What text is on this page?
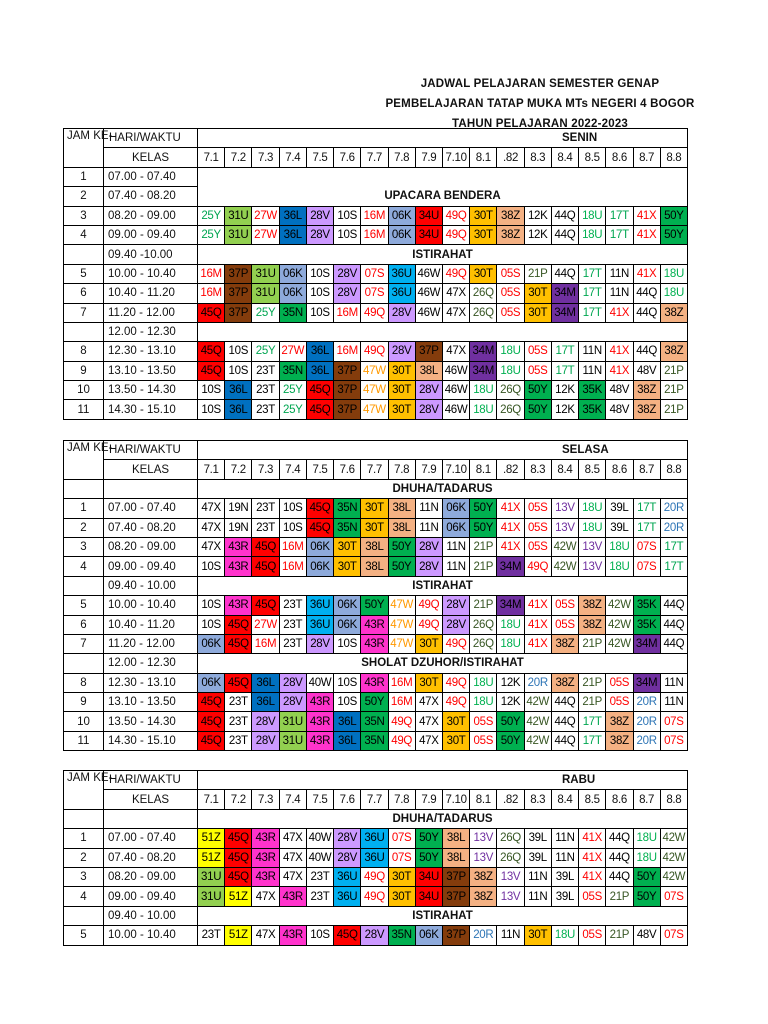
JADWAL PELAJARAN SEMESTER GENAP
PEMBELAJARAN TATAP MUKA MTs NEGERI 4 BOGOR
TAHUN PELAJARAN 2022-2023
JAM KE-	HARI/WAKTU	SENIN																	
	KELAS	7.1	7.2	7.3	7.4	7.5	7.6	7.7	7.8	7.9	7.10	8.1	.82	8.3	8.4	8.5	8.6	8.7	8.8
1	07.00 - 07.40																		
2	07.40 - 08.20	UPACARA BENDERA																	
3	08.20 - 09.00	25Y	31U	27W	36L	28V	10S	16M	06K	34U	49Q	30T	38Z	12K	44Q	18U	17T	41X	50Y
4	09.00 - 09.40	25Y	31U	27W	36L	28V	10S	16M	06K	34U	49Q	30T	38Z	12K	44Q	18U	17T	41X	50Y
	09.40 -10.00	ISTIRAHAT																	
5	10.00 - 10.40	16M	37P	31U	06K	10S	28V	07S	36U	46W	49Q	30T	05S	21P	44Q	17T	11N	41X	18U
6	10.40 - 11.20	16M	37P	31U	06K	10S	28V	07S	36U	46W	47X	26Q	05S	30T	34M	17T	11N	44Q	18U
7	11.20 - 12.00	45Q	37P	25Y	35N	10S	16M	49Q	28V	46W	47X	26Q	05S	30T	34M	17T	41X	44Q	38Z
	12.00 - 12.30																		
8	12.30 - 13.10	45Q	10S	25Y	27W	36L	16M	49Q	28V	37P	47X	34M	18U	05S	17T	11N	41X	44Q	38Z
9	13.10 - 13.50	45Q	10S	23T	35N	36L	37P	47W	30T	38L	46W	34M	18U	05S	17T	11N	41X	48V	21P
10	13.50 - 14.30	10S	36L	23T	25Y	45Q	37P	47W	30T	28V	46W	18U	26Q	50Y	12K	35K	48V	38Z	21P
11	14.30 - 15.10	10S	36L	23T	25Y	45Q	37P	47W	30T	28V	46W	18U	26Q	50Y	12K	35K	48V	38Z	21P
JAM KE-	HARI/WAKTU	SELASA																	
	KELAS	7.1	7.2	7.3	7.4	7.5	7.6	7.7	7.8	7.9	7.10	8.1	.82	8.3	8.4	8.5	8.6	8.7	8.8
		DHUHA/TADARUS																	
1	07.00 - 07.40	47X	19N	23T	10S	45Q	35N	30T	38L	11N	06K	50Y	41X	05S	13V	18U	39L	17T	20R
2	07.40 - 08.20	47X	19N	23T	10S	45Q	35N	30T	38L	11N	06K	50Y	41X	05S	13V	18U	39L	17T	20R
3	08.20 - 09.00	47X	43R	45Q	16M	06K	30T	38L	50Y	28V	11N	21P	41X	05S	42W	13V	18U	07S	17T
4	09.00 - 09.40	10S	43R	45Q	16M	06K	30T	38L	50Y	28V	11N	21P	34M	49Q	42W	13V	18U	07S	17T
	09.40 - 10.00	ISTIRAHAT																	
5	10.00 - 10.40	10S	43R	45Q	23T	36U	06K	50Y	47W	49Q	28V	21P	34M	41X	05S	38Z	42W	35K	44Q
6	10.40 - 11.20	10S	45Q	27W	23T	36U	06K	43R	47W	49Q	28V	26Q	18U	41X	05S	38Z	42W	35K	44Q
7	11.20 - 12.00	06K	45Q	16M	23T	28V	10S	43R	47W	30T	49Q	26Q	18U	41X	38Z	21P	42W	34M	44Q
	12.00 - 12.30	SHOLAT DZUHOR/ISTIRAHAT																	
8	12.30 - 13.10	06K	45Q	36L	28V	40W	10S	43R	16M	30T	49Q	18U	12K	20R	38Z	21P	05S	34M	11N
9	13.10 - 13.50	45Q	23T	36L	28V	43R	10S	50Y	16M	47X	49Q	18U	12K	42W	44Q	21P	05S	20R	11N
10	13.50 - 14.30	45Q	23T	28V	31U	43R	36L	35N	49Q	47X	30T	05S	50Y	42W	44Q	17T	38Z	20R	07S
11	14.30 - 15.10	45Q	23T	28V	31U	43R	36L	35N	49Q	47X	30T	05S	50Y	42W	44Q	17T	38Z	20R	07S
JAM KE-	HARI/WAKTU	RABU																	
	KELAS	7.1	7.2	7.3	7.4	7.5	7.6	7.7	7.8	7.9	7.10	8.1	.82	8.3	8.4	8.5	8.6	8.7	8.8
		DHUHA/TADARUS																	
1	07.00 - 07.40	51Z	45Q	43R	47X	40W	28V	36U	07S	50Y	38L	13V	26Q	39L	11N	41X	44Q	18U	42W
2	07.40 - 08.20	51Z	45Q	43R	47X	40W	28V	36U	07S	50Y	38L	13V	26Q	39L	11N	41X	44Q	18U	42W
3	08.20 - 09.00	31U	45Q	43R	47X	23T	36U	49Q	30T	34U	37P	38Z	13V	11N	39L	41X	44Q	50Y	42W
4	09.00 - 09.40	31U	51Z	47X	43R	23T	36U	49Q	30T	34U	37P	38Z	13V	11N	39L	05S	21P	50Y	07S
	09.40 - 10.00	ISTIRAHAT																	
5	10.00 - 10.40	23T	51Z	47X	43R	10S	45Q	28V	35N	06K	37P	20R	11N	30T	18U	05S	21P	48V	07S
